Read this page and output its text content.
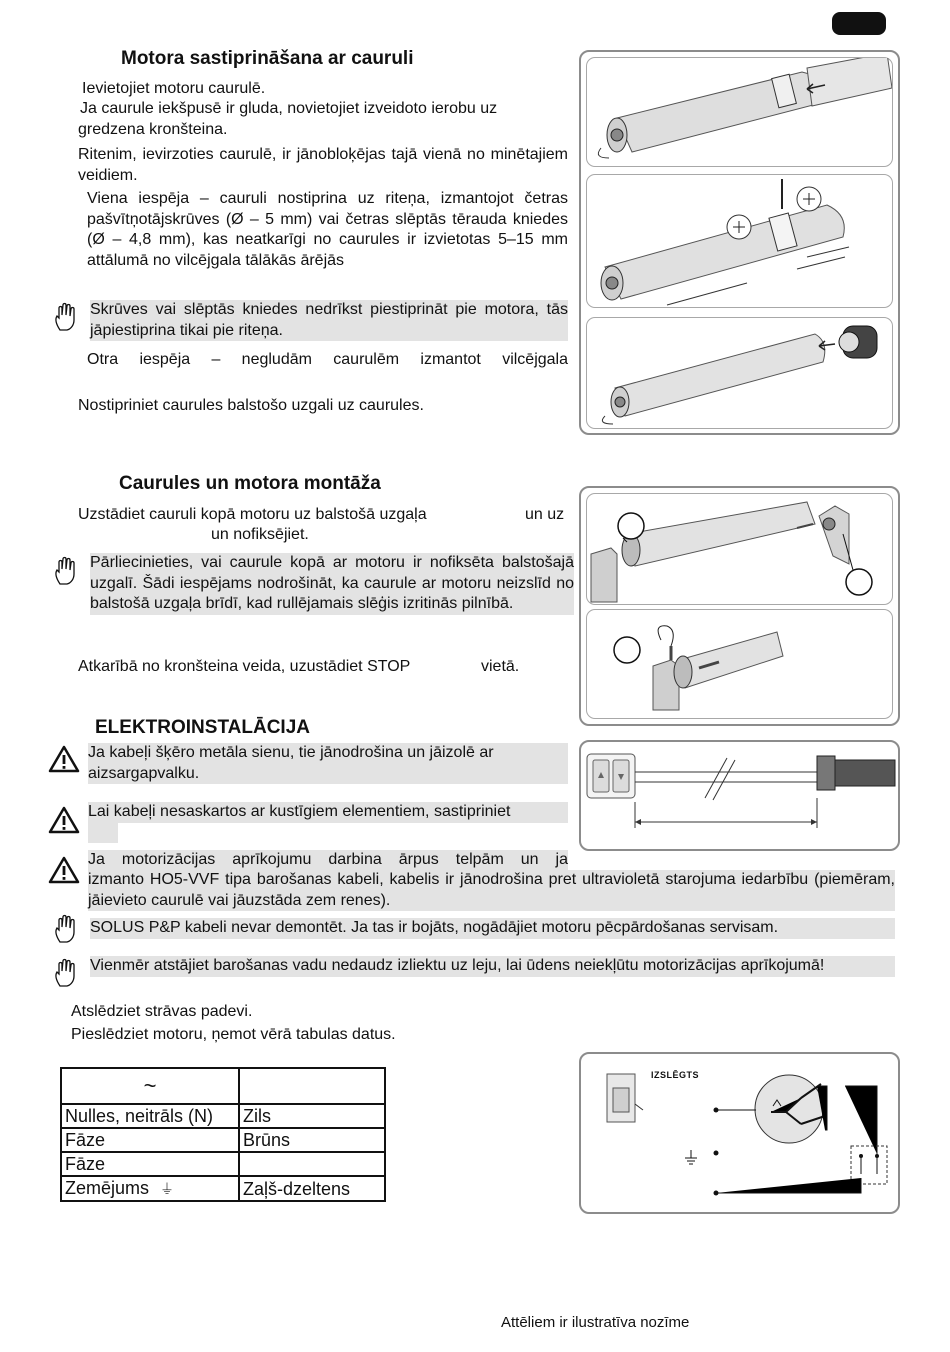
Motora sastiprināšana ar cauruli
Ievietojiet motoru caurulē.
Ja caurule iekšpusē ir gluda, novietojiet izveidoto ierobu uz gredzena kronšteina.
Ritenim, ievirzoties caurulē, ir jānobloķējas tajā vienā no minētajiem veidiem.
Viena iespēja – cauruli nostiprina uz riteņa, izmantojot četras pašvītņotājskrūves (Ø – 5 mm) vai četras slēptās tērauda kniedes (Ø – 4,8 mm), kas neatkarīgi no caurules ir izvietotas 5–15 mm attālumā no vilcējgala tālākās ārējās
Skrūves vai slēptās kniedes nedrīkst piestiprināt pie motora, tās jāpiestiprina tikai pie riteņa.
Otra iespēja – negludām caurulēm izmantot vilcējgala
Nostipriniet caurules balstošo uzgali uz caurules.
Caurules un motora montāža
Uzstādiet cauruli kopā motoru uz balstošā uzgaļa	un uz
un nofiksējiet.
Pārliecinieties, vai caurule kopā ar motoru ir nofiksēta balstošajā uzgalī. Šādi iespējams nodrošināt, ka caurule ar motoru neizslīd no balstošā uzgaļa brīdī, kad rullējamais slēģis izritinās pilnībā.
Atkarībā no kronšteina veida, uzustādiet STOP	vietā.
ELEKTROINSTALĀCIJA
Ja kabeļi šķēro metāla sienu, tie jānodrošina un jāizolē ar aizsargapvalku.
Lai kabeļi nesaskartos ar kustīgiem elementiem, sastipriniet
Ja motorizācijas aprīkojumu darbina ārpus telpām un ja
izmanto HO5-VVF tipa barošanas kabeli, kabelis ir jānodrošina pret ultravioletā starojuma iedarbību (piemēram, jāievieto caurulē vai jāuzstāda zem renes).
SOLUS P&P kabeli nevar demontēt. Ja tas ir bojāts, nogādājiet motoru pēcpārdošanas servisam.
Vienmēr atstājiet barošanas vadu nedaudz izliektu uz leju, lai ūdens neiekļūtu motorizācijas aprīkojumā!
Atslēdziet strāvas padevi.
Pieslēdziet motoru, ņemot vērā tabulas datus.
~	
Nulles, neitrāls (N)	Zils
Fāze	Brūns
Fāze	
Zemējums ⏚	Zaļš-dzeltens
IZSLĒGTS
Attēliem ir ilustratīva nozīme
